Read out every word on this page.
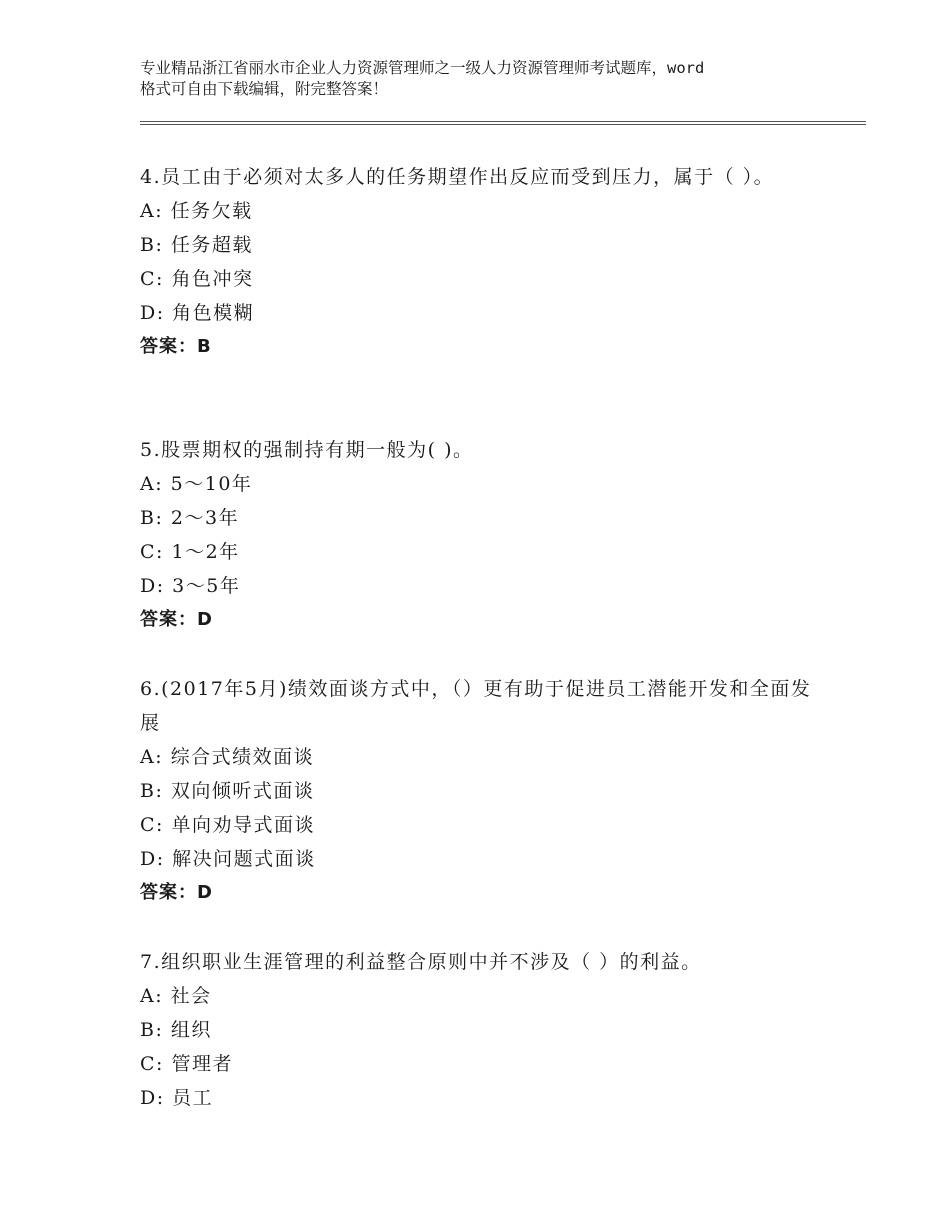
专业精品浙江省丽水市企业人力资源管理师之一级人力资源管理师考试题库，word
格式可自由下载编辑，附完整答案！
4.员工由于必须对太多人的任务期望作出反应而受到压力，属于（ ）。
A: 任务欠载
B: 任务超载
C: 角色冲突
D: 角色模糊
答案：B
5.股票期权的强制持有期一般为( )。
A: 5～10年
B: 2～3年
C: 1～2年
D: 3～5年
答案：D
6.(2017年5月)绩效面谈方式中，（）更有助于促进员工潜能开发和全面发展
A: 综合式绩效面谈
B: 双向倾听式面谈
C: 单向劝导式面谈
D: 解决问题式面谈
答案：D
7.组织职业生涯管理的利益整合原则中并不涉及（ ）的利益。
A: 社会
B: 组织
C: 管理者
D: 员工
